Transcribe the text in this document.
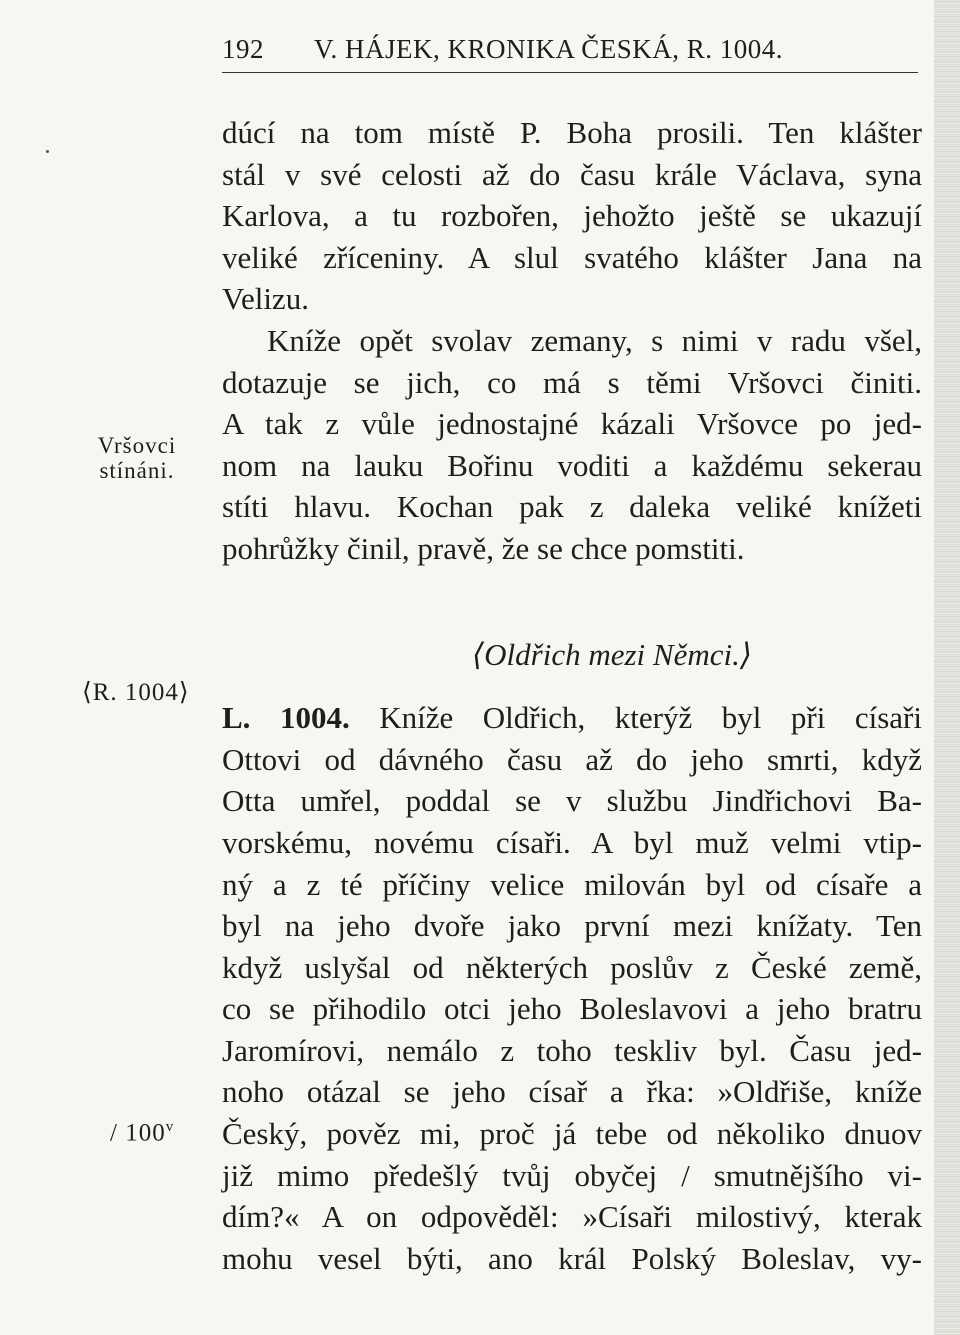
192 V. HÁJEK, KRONIKA ČESKÁ, R. 1004.
Vršovci
stínáni.
⟨R. 1004⟩
/ 100$^v$
dúcí na tom místě P. Boha prosili. Ten klášter
stál v své celosti až do času krále Václava, syna
Karlova, a tu rozbořen, jehožto ještě se ukazují
veliké zříceniny. A slul svatého klášter Jana na
Velizu.
Kníže opět svolav zemany, s nimi v radu všel,
dotazuje se jich, co má s těmi Vršovci činiti.
A tak z vůle jednostajné kázali Vršovce po jed-
nom na lauku Bořinu voditi a každému sekerau
stíti hlavu. Kochan pak z daleka veliké knížeti
pohrůžky činil, pravě, že se chce pomstiti.
⟨Oldřich mezi Němci.⟩
L. 1004. Kníže Oldřich, kterýž byl při císaři
Ottovi od dávného času až do jeho smrti, když
Otta umřel, poddal se v službu Jindřichovi Ba-
vorskému, novému císaři. A byl muž velmi vtip-
ný a z té příčiny velice milován byl od císaře a
byl na jeho dvoře jako první mezi knížaty. Ten
když uslyšal od některých poslův z České země,
co se přihodilo otci jeho Boleslavovi a jeho bratru
Jaromírovi, nemálo z toho teskliv byl. Času jed-
noho otázal se jeho císař a řka: »Oldřiše, kníže
Český, pověz mi, proč já tebe od několiko dnuov
již mimo předešlý tvůj obyčej / smutnějšího vi-
dím?« A on odpověděl: »Císaři milostivý, kterak
mohu vesel býti, ano král Polský Boleslav, vy-
